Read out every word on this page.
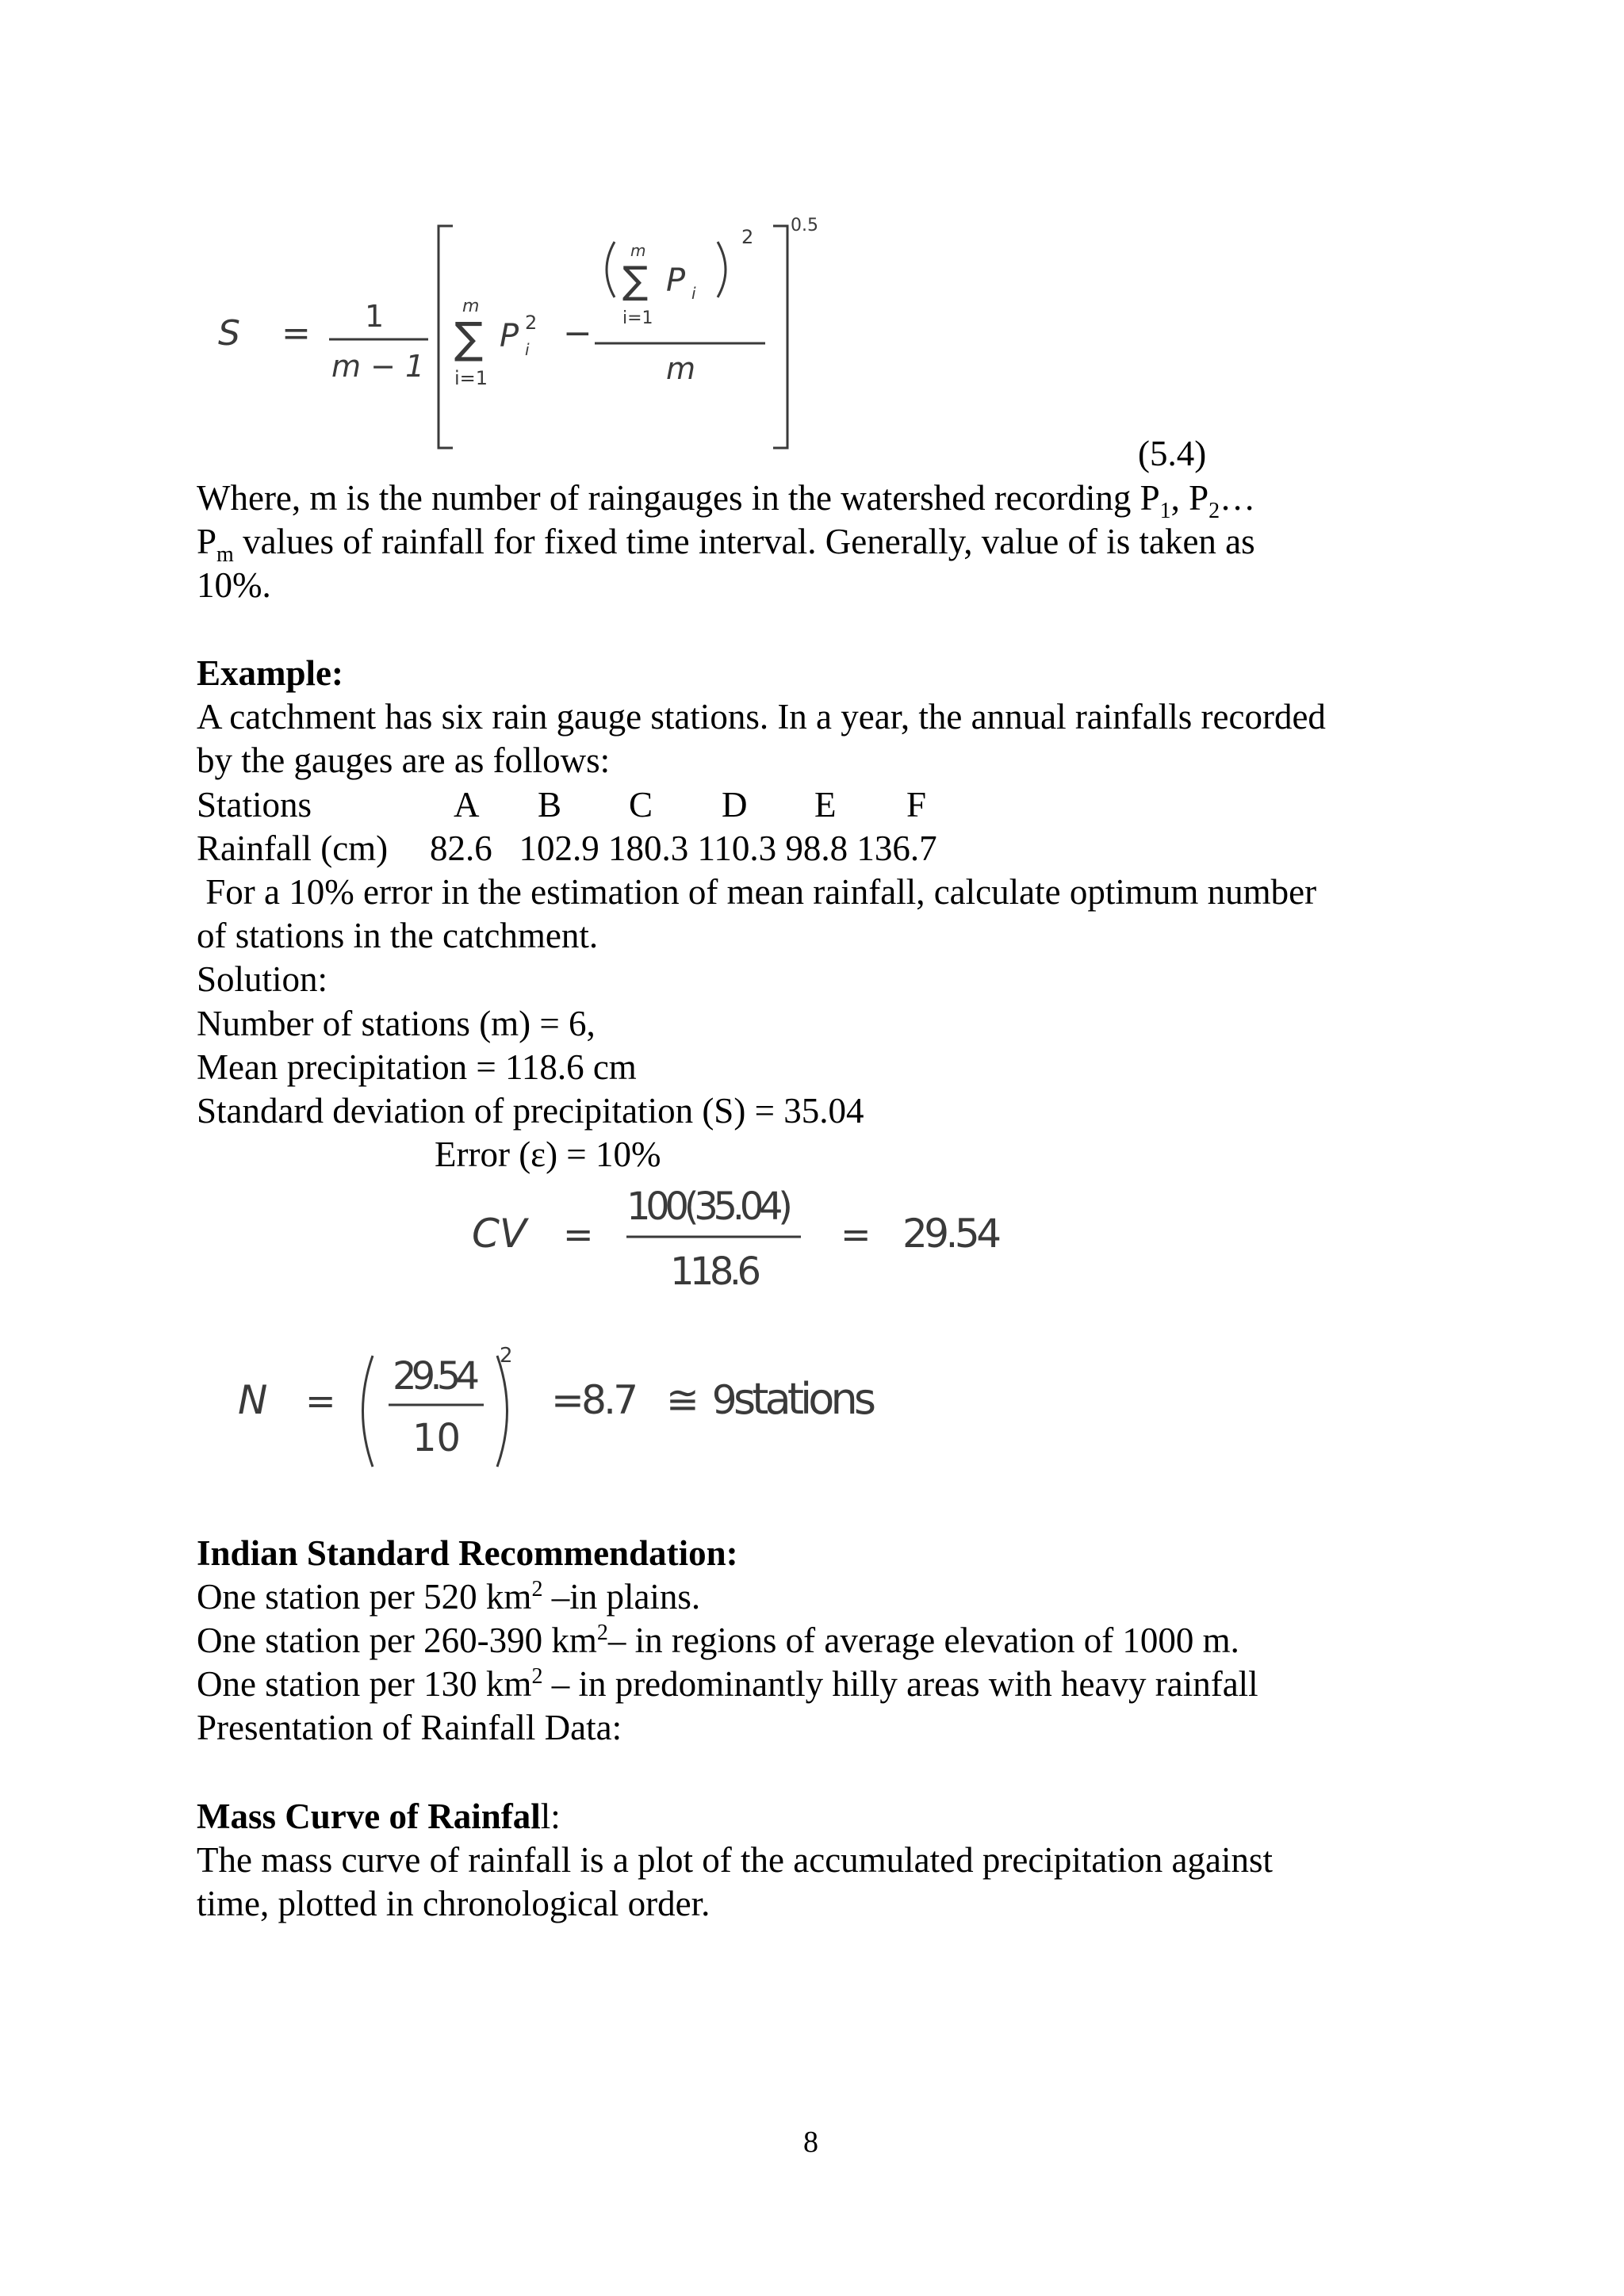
S = 1
m − 1
m
∑
i=1
P 2
i −
m
∑
i=1
P i
2
m
0.5
(5.4)
Where, m is the number of raingauges in the watershed recording $P_1$, $P_2\dots$
$P_m$ values of rainfall for fixed time interval. Generally, value of is taken as
10%.
Example:
A catchment has six rain gauge stations. In a year, the annual rainfalls recorded
by the gauges are as follows:
Stations	A B C D E F
Rainfall (cm) 82.6   102.9 180.3 110.3 98.8 136.7
For a 10% error in the estimation of mean rainfall, calculate optimum number
of stations in the catchment.
Solution:
Number of stations (m) = 6,
Mean precipitation = 118.6 cm
Standard deviation of precipitation (S) = 35.04
Error (ε) = 10%
CV =
100(35.04)
118.6
= 29.54
N =
29.54
10
2
=8.7 ≅ 9
stations
Indian Standard Recommendation:
One station per 520 $km^2$ –in plains.
One station per 260-390 $km^2-$ in regions of average elevation of 1000 m.
One station per 130 $km^2$ – in predominantly hilly areas with heavy rainfall
Presentation of Rainfall Data:
Mass Curve of Rainfall:
The mass curve of rainfall is a plot of the accumulated precipitation against
time, plotted in chronological order.
8
